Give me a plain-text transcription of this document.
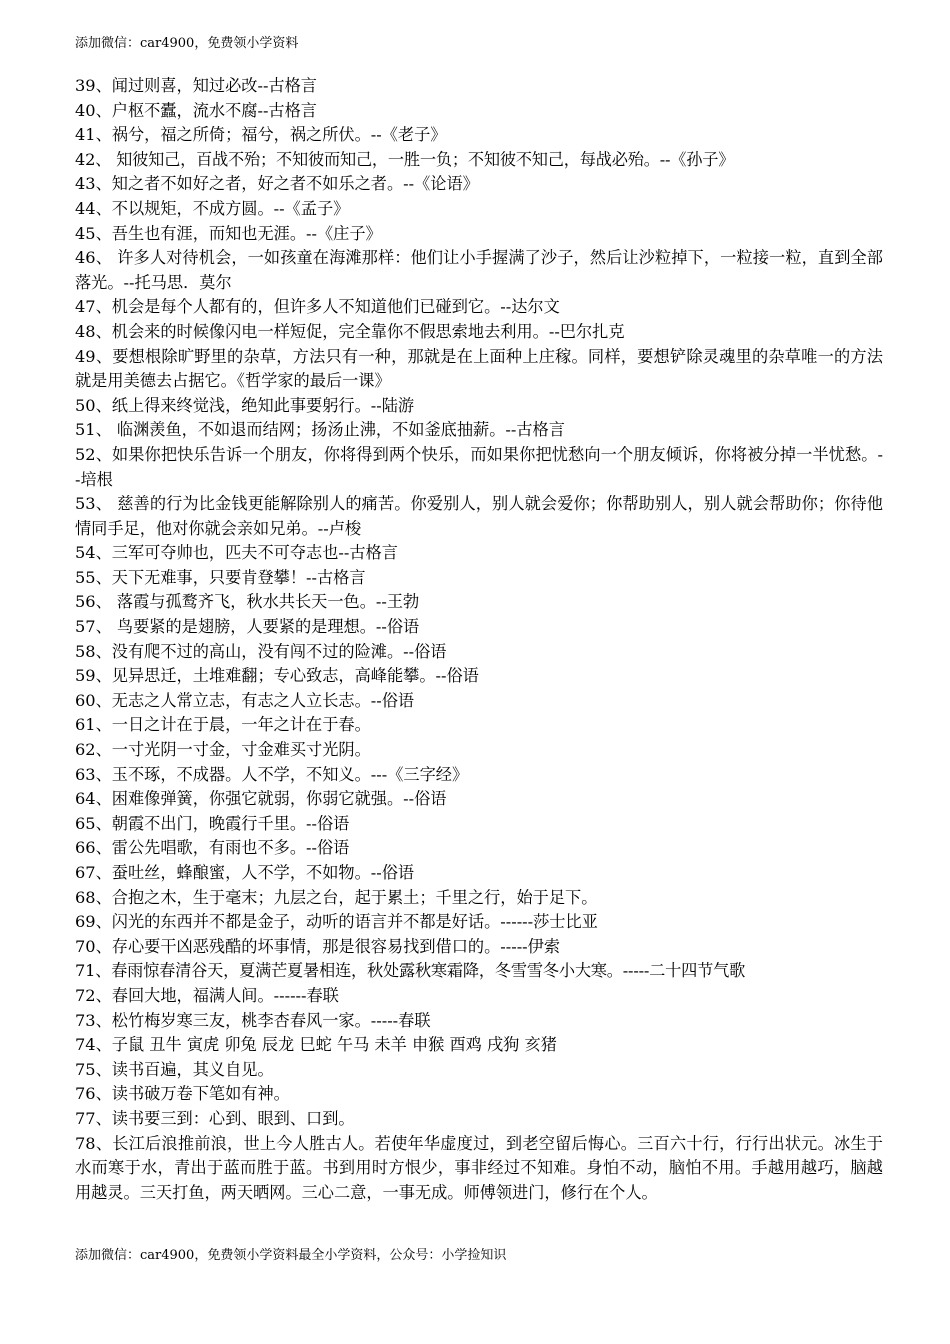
添加微信：car4900，免费领小学资料
39、闻过则喜，知过必改--古格言
40、户枢不蠹，流水不腐--古格言
41、祸兮，福之所倚；福兮，祸之所伏。--《老子》
42、 知彼知己，百战不殆；不知彼而知己，一胜一负；不知彼不知己，每战必殆。--《孙子》
43、知之者不如好之者，好之者不如乐之者。--《论语》
44、不以规矩，不成方圆。--《孟子》
45、吾生也有涯，而知也无涯。--《庄子》
46、 许多人对待机会，一如孩童在海滩那样：他们让小手握满了沙子，然后让沙粒掉下，一粒接一粒，直到全部落光。--托马思．莫尔
47、机会是每个人都有的，但许多人不知道他们已碰到它。--达尔文
48、机会来的时候像闪电一样短促，完全靠你不假思索地去利用。--巴尔扎克
49、要想根除旷野里的杂草，方法只有一种，那就是在上面种上庄稼。同样，要想铲除灵魂里的杂草唯一的方法就是用美德去占据它。《哲学家的最后一课》
50、纸上得来终觉浅，绝知此事要躬行。--陆游
51、 临渊羡鱼，不如退而结网；扬汤止沸，不如釜底抽薪。--古格言
52、如果你把快乐告诉一个朋友，你将得到两个快乐，而如果你把忧愁向一个朋友倾诉，你将被分掉一半忧愁。--培根
53、 慈善的行为比金钱更能解除别人的痛苦。你爱别人，别人就会爱你；你帮助别人，别人就会帮助你；你待他情同手足，他对你就会亲如兄弟。--卢梭
54、三军可夺帅也，匹夫不可夺志也--古格言
55、天下无难事，只要肯登攀！--古格言
56、 落霞与孤鹜齐飞，秋水共长天一色。--王勃
57、 鸟要紧的是翅膀，人要紧的是理想。--俗语
58、没有爬不过的高山，没有闯不过的险滩。--俗语
59、见异思迁，土堆难翻；专心致志，高峰能攀。--俗语
60、无志之人常立志，有志之人立长志。--俗语
61、一日之计在于晨，一年之计在于春。
62、一寸光阴一寸金，寸金难买寸光阴。
63、玉不琢，不成器。人不学，不知义。---《三字经》
64、困难像弹簧，你强它就弱，你弱它就强。--俗语
65、朝霞不出门，晚霞行千里。--俗语
66、雷公先唱歌，有雨也不多。--俗语
67、蚕吐丝，蜂酿蜜，人不学，不如物。--俗语
68、合抱之木，生于毫末；九层之台，起于累土；千里之行，始于足下。
69、闪光的东西并不都是金子，动听的语言并不都是好话。------莎士比亚
70、存心要干凶恶残酷的坏事情，那是很容易找到借口的。-----伊索
71、春雨惊春清谷天，夏满芒夏暑相连，秋处露秋寒霜降，冬雪雪冬小大寒。-----二十四节气歌
72、春回大地，福满人间。------春联
73、松竹梅岁寒三友，桃李杏春风一家。-----春联
74、子鼠 丑牛 寅虎 卯兔 辰龙 巳蛇 午马 未羊 申猴 酉鸡 戌狗 亥猪
75、读书百遍，其义自见。
76、读书破万卷下笔如有神。
77、读书要三到：心到、眼到、口到。
78、长江后浪推前浪，世上今人胜古人。若使年华虚度过，到老空留后悔心。三百六十行，行行出状元。冰生于水而寒于水，青出于蓝而胜于蓝。书到用时方恨少，事非经过不知难。身怕不动，脑怕不用。手越用越巧，脑越用越灵。三天打鱼，两天晒网。三心二意，一事无成。师傅领进门，修行在个人。
添加微信：car4900，免费领小学资料最全小学资料，公众号：小学捡知识
